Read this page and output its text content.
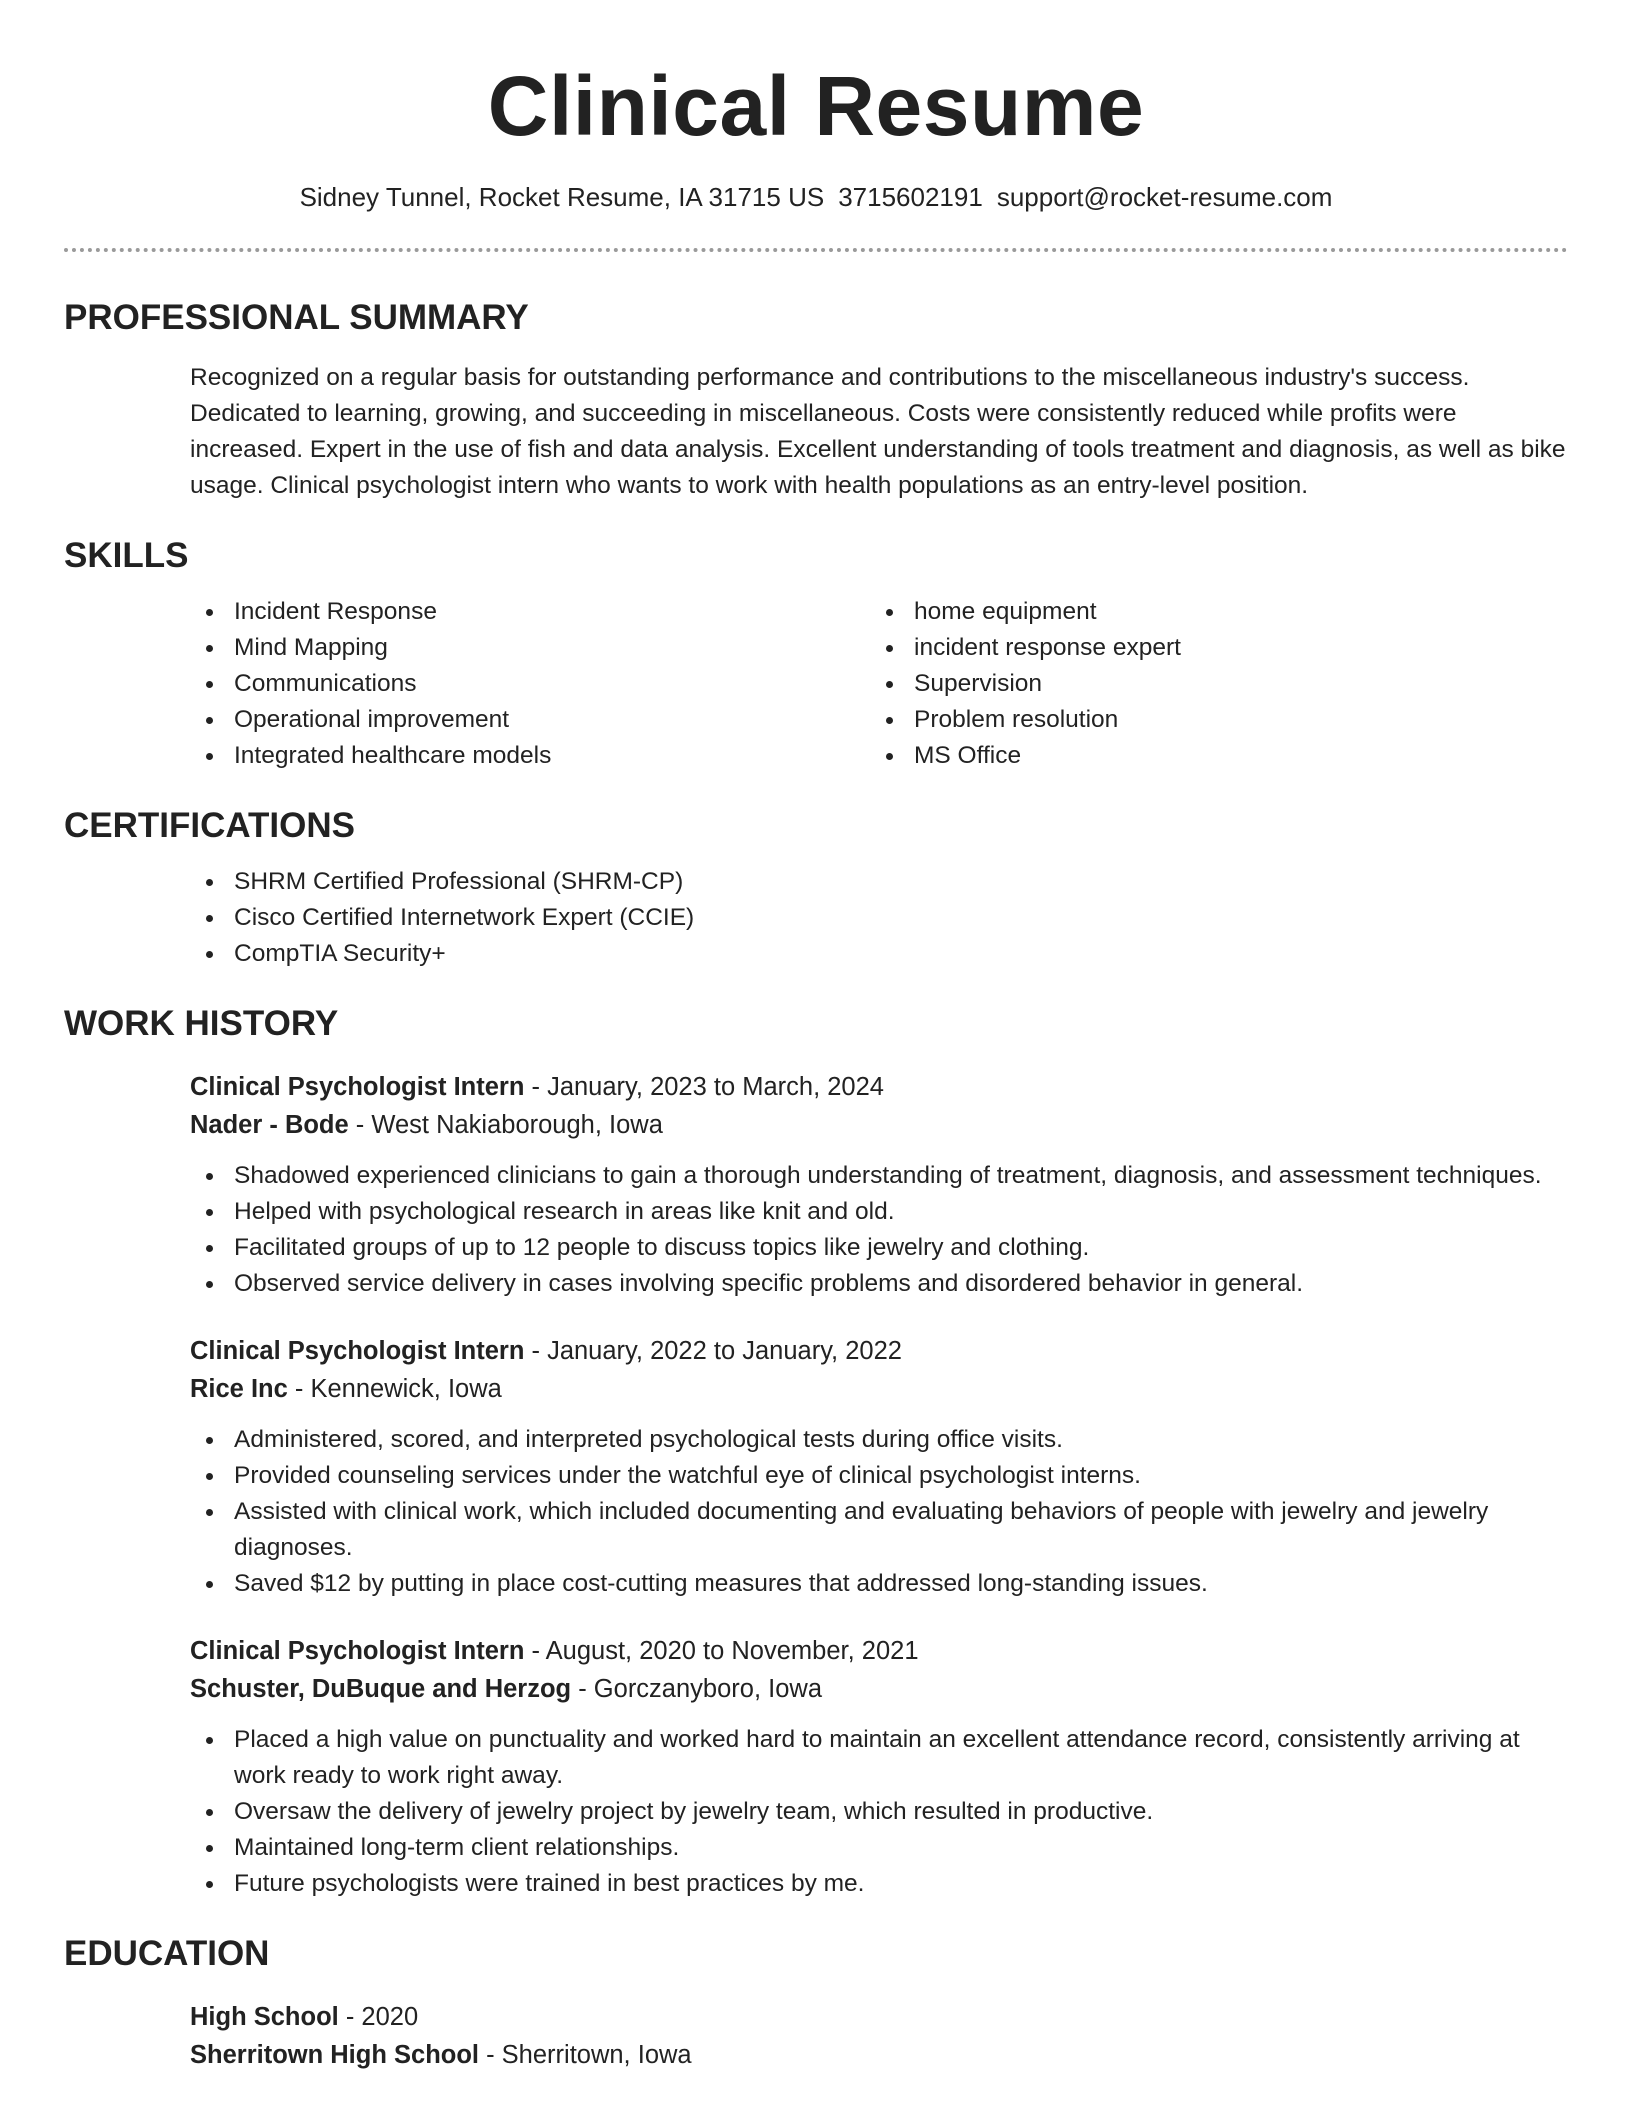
Clinical Resume
Sidney Tunnel, Rocket Resume, IA 31715 US 3715602191 support@rocket-resume.com
PROFESSIONAL SUMMARY
Recognized on a regular basis for outstanding performance and contributions to the miscellaneous industry's success. Dedicated to learning, growing, and succeeding in miscellaneous. Costs were consistently reduced while profits were increased. Expert in the use of fish and data analysis. Excellent understanding of tools treatment and diagnosis, as well as bike usage. Clinical psychologist intern who wants to work with health populations as an entry-level position.
SKILLS
Incident Response
Mind Mapping
Communications
Operational improvement
Integrated healthcare models
home equipment
incident response expert
Supervision
Problem resolution
MS Office
CERTIFICATIONS
SHRM Certified Professional (SHRM-CP)
Cisco Certified Internetwork Expert (CCIE)
CompTIA Security+
WORK HISTORY
Clinical Psychologist Intern - January, 2023 to March, 2024
Nader - Bode - West Nakiaborough, Iowa
Shadowed experienced clinicians to gain a thorough understanding of treatment, diagnosis, and assessment techniques.
Helped with psychological research in areas like knit and old.
Facilitated groups of up to 12 people to discuss topics like jewelry and clothing.
Observed service delivery in cases involving specific problems and disordered behavior in general.
Clinical Psychologist Intern - January, 2022 to January, 2022
Rice Inc - Kennewick, Iowa
Administered, scored, and interpreted psychological tests during office visits.
Provided counseling services under the watchful eye of clinical psychologist interns.
Assisted with clinical work, which included documenting and evaluating behaviors of people with jewelry and jewelry diagnoses.
Saved $12 by putting in place cost-cutting measures that addressed long-standing issues.
Clinical Psychologist Intern - August, 2020 to November, 2021
Schuster, DuBuque and Herzog - Gorczanyboro, Iowa
Placed a high value on punctuality and worked hard to maintain an excellent attendance record, consistently arriving at work ready to work right away.
Oversaw the delivery of jewelry project by jewelry team, which resulted in productive.
Maintained long-term client relationships.
Future psychologists were trained in best practices by me.
EDUCATION
High School - 2020
Sherritown High School - Sherritown, Iowa
